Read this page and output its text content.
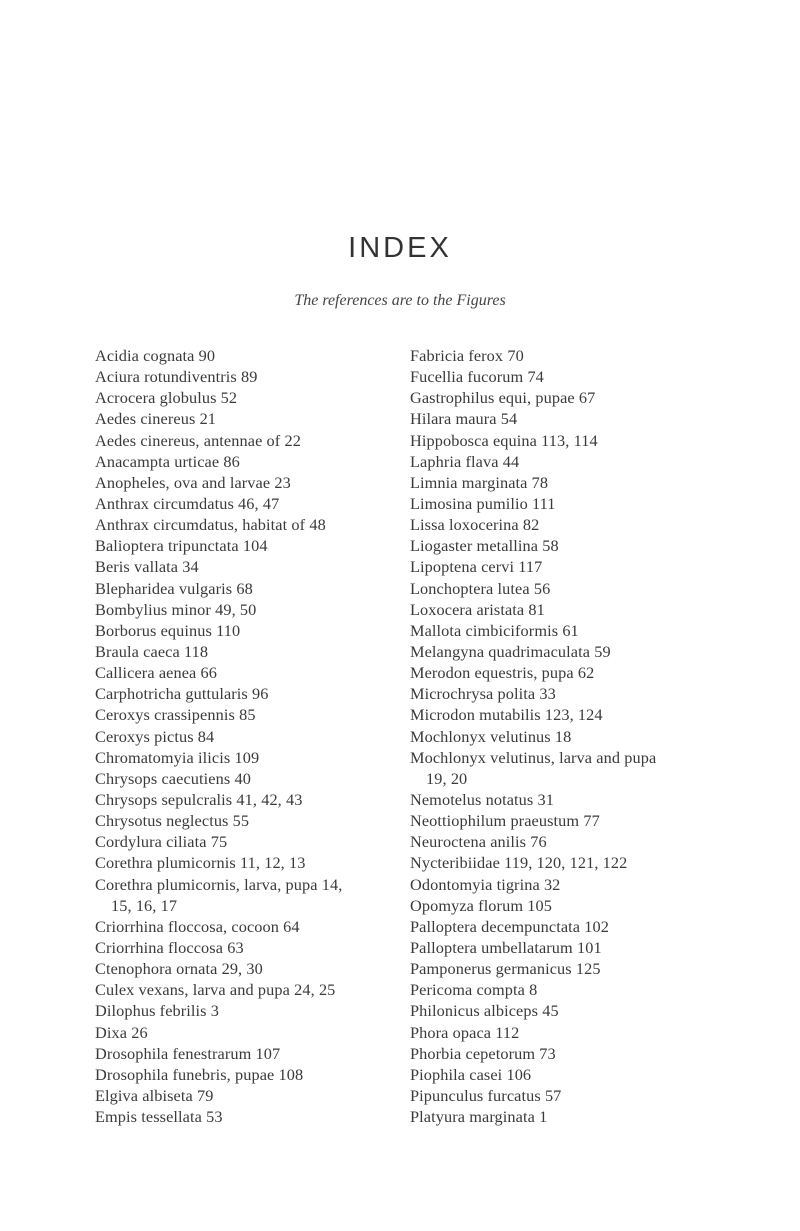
INDEX
The references are to the Figures
Acidia cognata 90
Aciura rotundiventris 89
Acrocera globulus 52
Aedes cinereus 21
Aedes cinereus, antennae of 22
Anacampta urticae 86
Anopheles, ova and larvae 23
Anthrax circumdatus 46, 47
Anthrax circumdatus, habitat of 48
Balioptera tripunctata 104
Beris vallata 34
Blepharidea vulgaris 68
Bombylius minor 49, 50
Borborus equinus 110
Braula caeca 118
Callicera aenea 66
Carphotricha guttularis 96
Ceroxys crassipennis 85
Ceroxys pictus 84
Chromatomyia ilicis 109
Chrysops caecutiens 40
Chrysops sepulcralis 41, 42, 43
Chrysotus neglectus 55
Cordylura ciliata 75
Corethra plumicornis 11, 12, 13
Corethra plumicornis, larva, pupa 14,
15, 16, 17
Criorrhina floccosa, cocoon 64
Criorrhina floccosa 63
Ctenophora ornata 29, 30
Culex vexans, larva and pupa 24, 25
Dilophus febrilis 3
Dixa 26
Drosophila fenestrarum 107
Drosophila funebris, pupae 108
Elgiva albiseta 79
Empis tessellata 53
Fabricia ferox 70
Fucellia fucorum 74
Gastrophilus equi, pupae 67
Hilara maura 54
Hippobosca equina 113, 114
Laphria flava 44
Limnia marginata 78
Limosina pumilio 111
Lissa loxocerina 82
Liogaster metallina 58
Lipoptena cervi 117
Lonchoptera lutea 56
Loxocera aristata 81
Mallota cimbiciformis 61
Melangyna quadrimaculata 59
Merodon equestris, pupa 62
Microchrysa polita 33
Microdon mutabilis 123, 124
Mochlonyx velutinus 18
Mochlonyx velutinus, larva and pupa
19, 20
Nemotelus notatus 31
Neottiophilum praeustum 77
Neuroctena anilis 76
Nycteribiidae 119, 120, 121, 122
Odontomyia tigrina 32
Opomyza florum 105
Palloptera decempunctata 102
Palloptera umbellatarum 101
Pamponerus germanicus 125
Pericoma compta 8
Philonicus albiceps 45
Phora opaca 112
Phorbia cepetorum 73
Piophila casei 106
Pipunculus furcatus 57
Platyura marginata 1
